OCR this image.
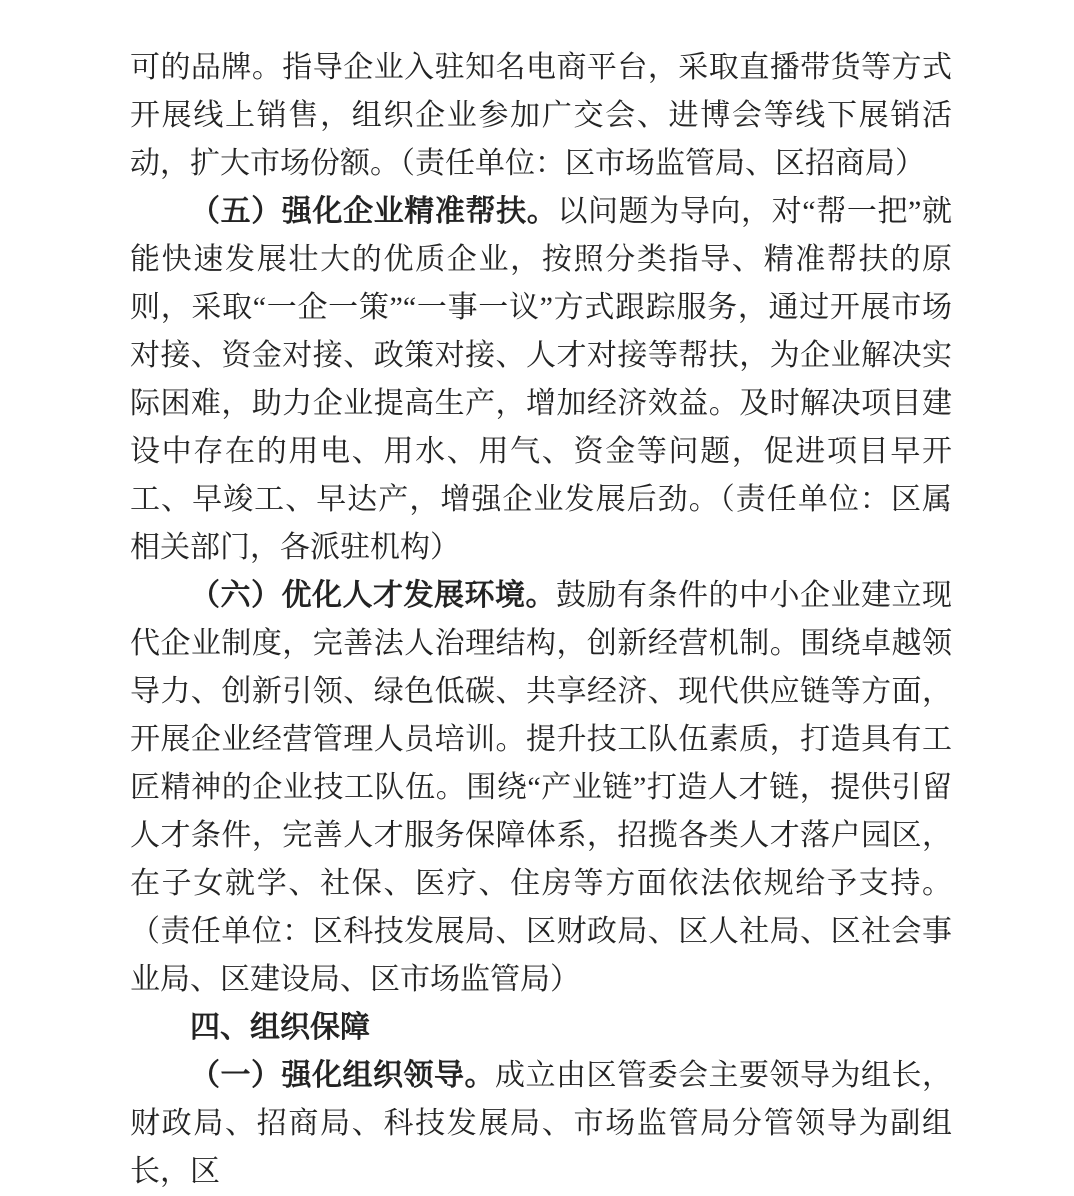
可的品牌。指导企业入驻知名电商平台，采取直播带货等方式开展线上销售，组织企业参加广交会、进博会等线下展销活动，扩大市场份额。（责任单位：区市场监管局、区招商局）

（五）强化企业精准帮扶。以问题为导向，对“帮一把”就能快速发展壮大的优质企业，按照分类指导、精准帮扶的原则，采取“一企一策”“一事一议”方式跟踪服务，通过开展市场对接、资金对接、政策对接、人才对接等帮扶，为企业解决实际困难，助力企业提高生产，增加经济效益。及时解决项目建设中存在的用电、用水、用气、资金等问题，促进项目早开工、早竣工、早达产，增强企业发展后劲。（责任单位：区属相关部门，各派驻机构）

（六）优化人才发展环境。鼓励有条件的中小企业建立现代企业制度，完善法人治理结构，创新经营机制。围绕卓越领导力、创新引领、绿色低碳、共享经济、现代供应链等方面，开展企业经营管理人员培训。提升技工队伍素质，打造具有工匠精神的企业技工队伍。围绕“产业链”打造人才链，提供引留人才条件，完善人才服务保障体系，招揽各类人才落户园区，在子女就学、社保、医疗、住房等方面依法依规给予支持。（责任单位：区科技发展局、区财政局、区人社局、区社会事业局、区建设局、区市场监管局）

四、组织保障

（一）强化组织领导。成立由区管委会主要领导为组长，财政局、招商局、科技发展局、市场监管局分管领导为副组长，区
